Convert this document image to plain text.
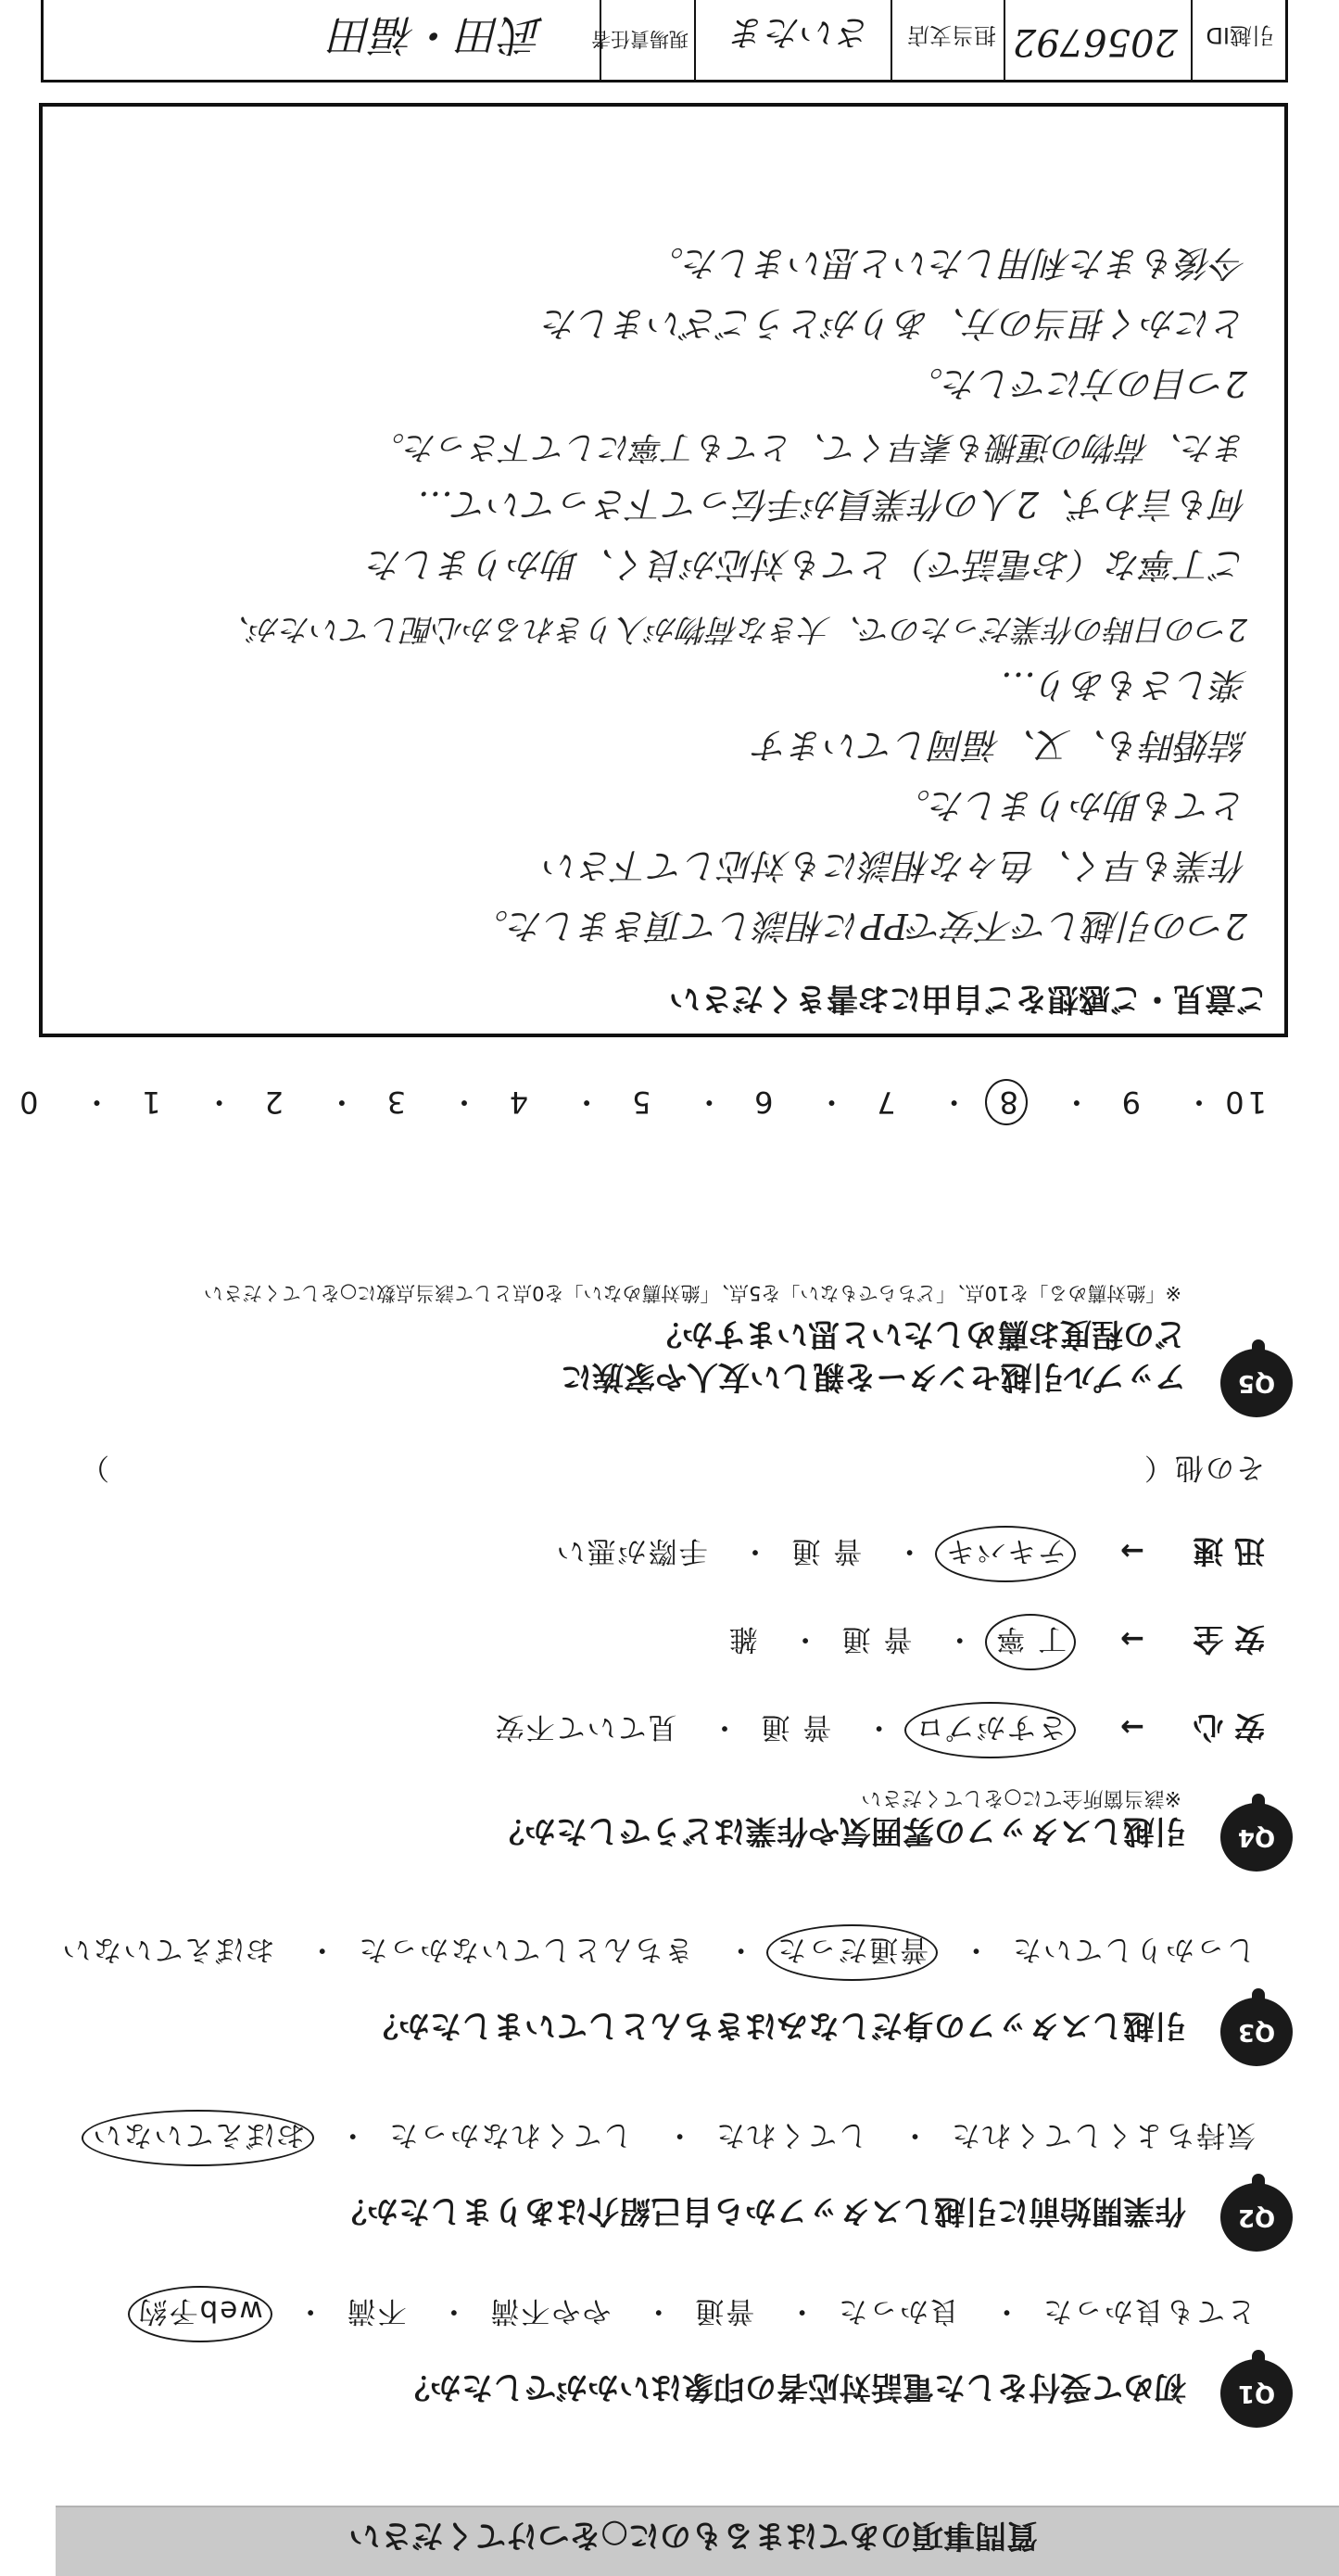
質問事項のあてはまるものに○をつけてください
Q1
初めて受付をした電話対応者の印象はいかがでしたか？
とても良かった・ 良かった・ 普通・ やや不満・ 不満・ web予約
Q2
作業開始前に引越しスタッフから自己紹介はありましたか？
気持ちよくしてくれた・ してくれた・ してくれなかった・ おぼえていない
Q3
引越しスタッフの身だしなみはきちんとしていましたか？
しっかりしていた・ 普通だった・ きちんとしていなかった・ おぼえていない
Q4
引越しスタッフの雰囲気や作業はどうでしたか？
※該当箇所全てに○をしてください
安 心
→ さすがプロ・ 普 通・ 見ていて不安
安 全
→ 丁 寧・ 普 通・ 雑
迅 速
→ テキパキ・ 普 通・ 手際が悪い
その他（
）
Q5
アップル引越センターを親しい友人や家族に
どの程度お薦めしたいと思いますか？
※「絶対薦める」を10点、「どちらでもない」を5点、「絶対薦めない」を0点として該当点数に○をしてください
10・ 9・ 8・ 7・ 6・ 5・ 4・ 3・ 2・ 1・ 0
ご意見・ご感想をご自由にお書きください
2つの引越しで不安でPPに相談して頂きました。
作業も早く、色々な相談にも対応して下さい
とても助かりました。
結婚時も、又、福岡しています
楽しさもあり…
2つの日時の作業だったので、大きな荷物が入りきれるか心配していたが、
ご丁寧な（お電話で）とても対応が良く、助かりました
何も言わず、2人の作業員が手伝って下さっていて…
また、荷物の運搬も素早くて、とても丁寧にして下さった。
2つ目の方にでした。
とにかく担当の方、ありがとうございました
今後もまた利用したいと思いました。
引越ID
2056792
担当支店
さいたま
現場責任者
武田・福田
